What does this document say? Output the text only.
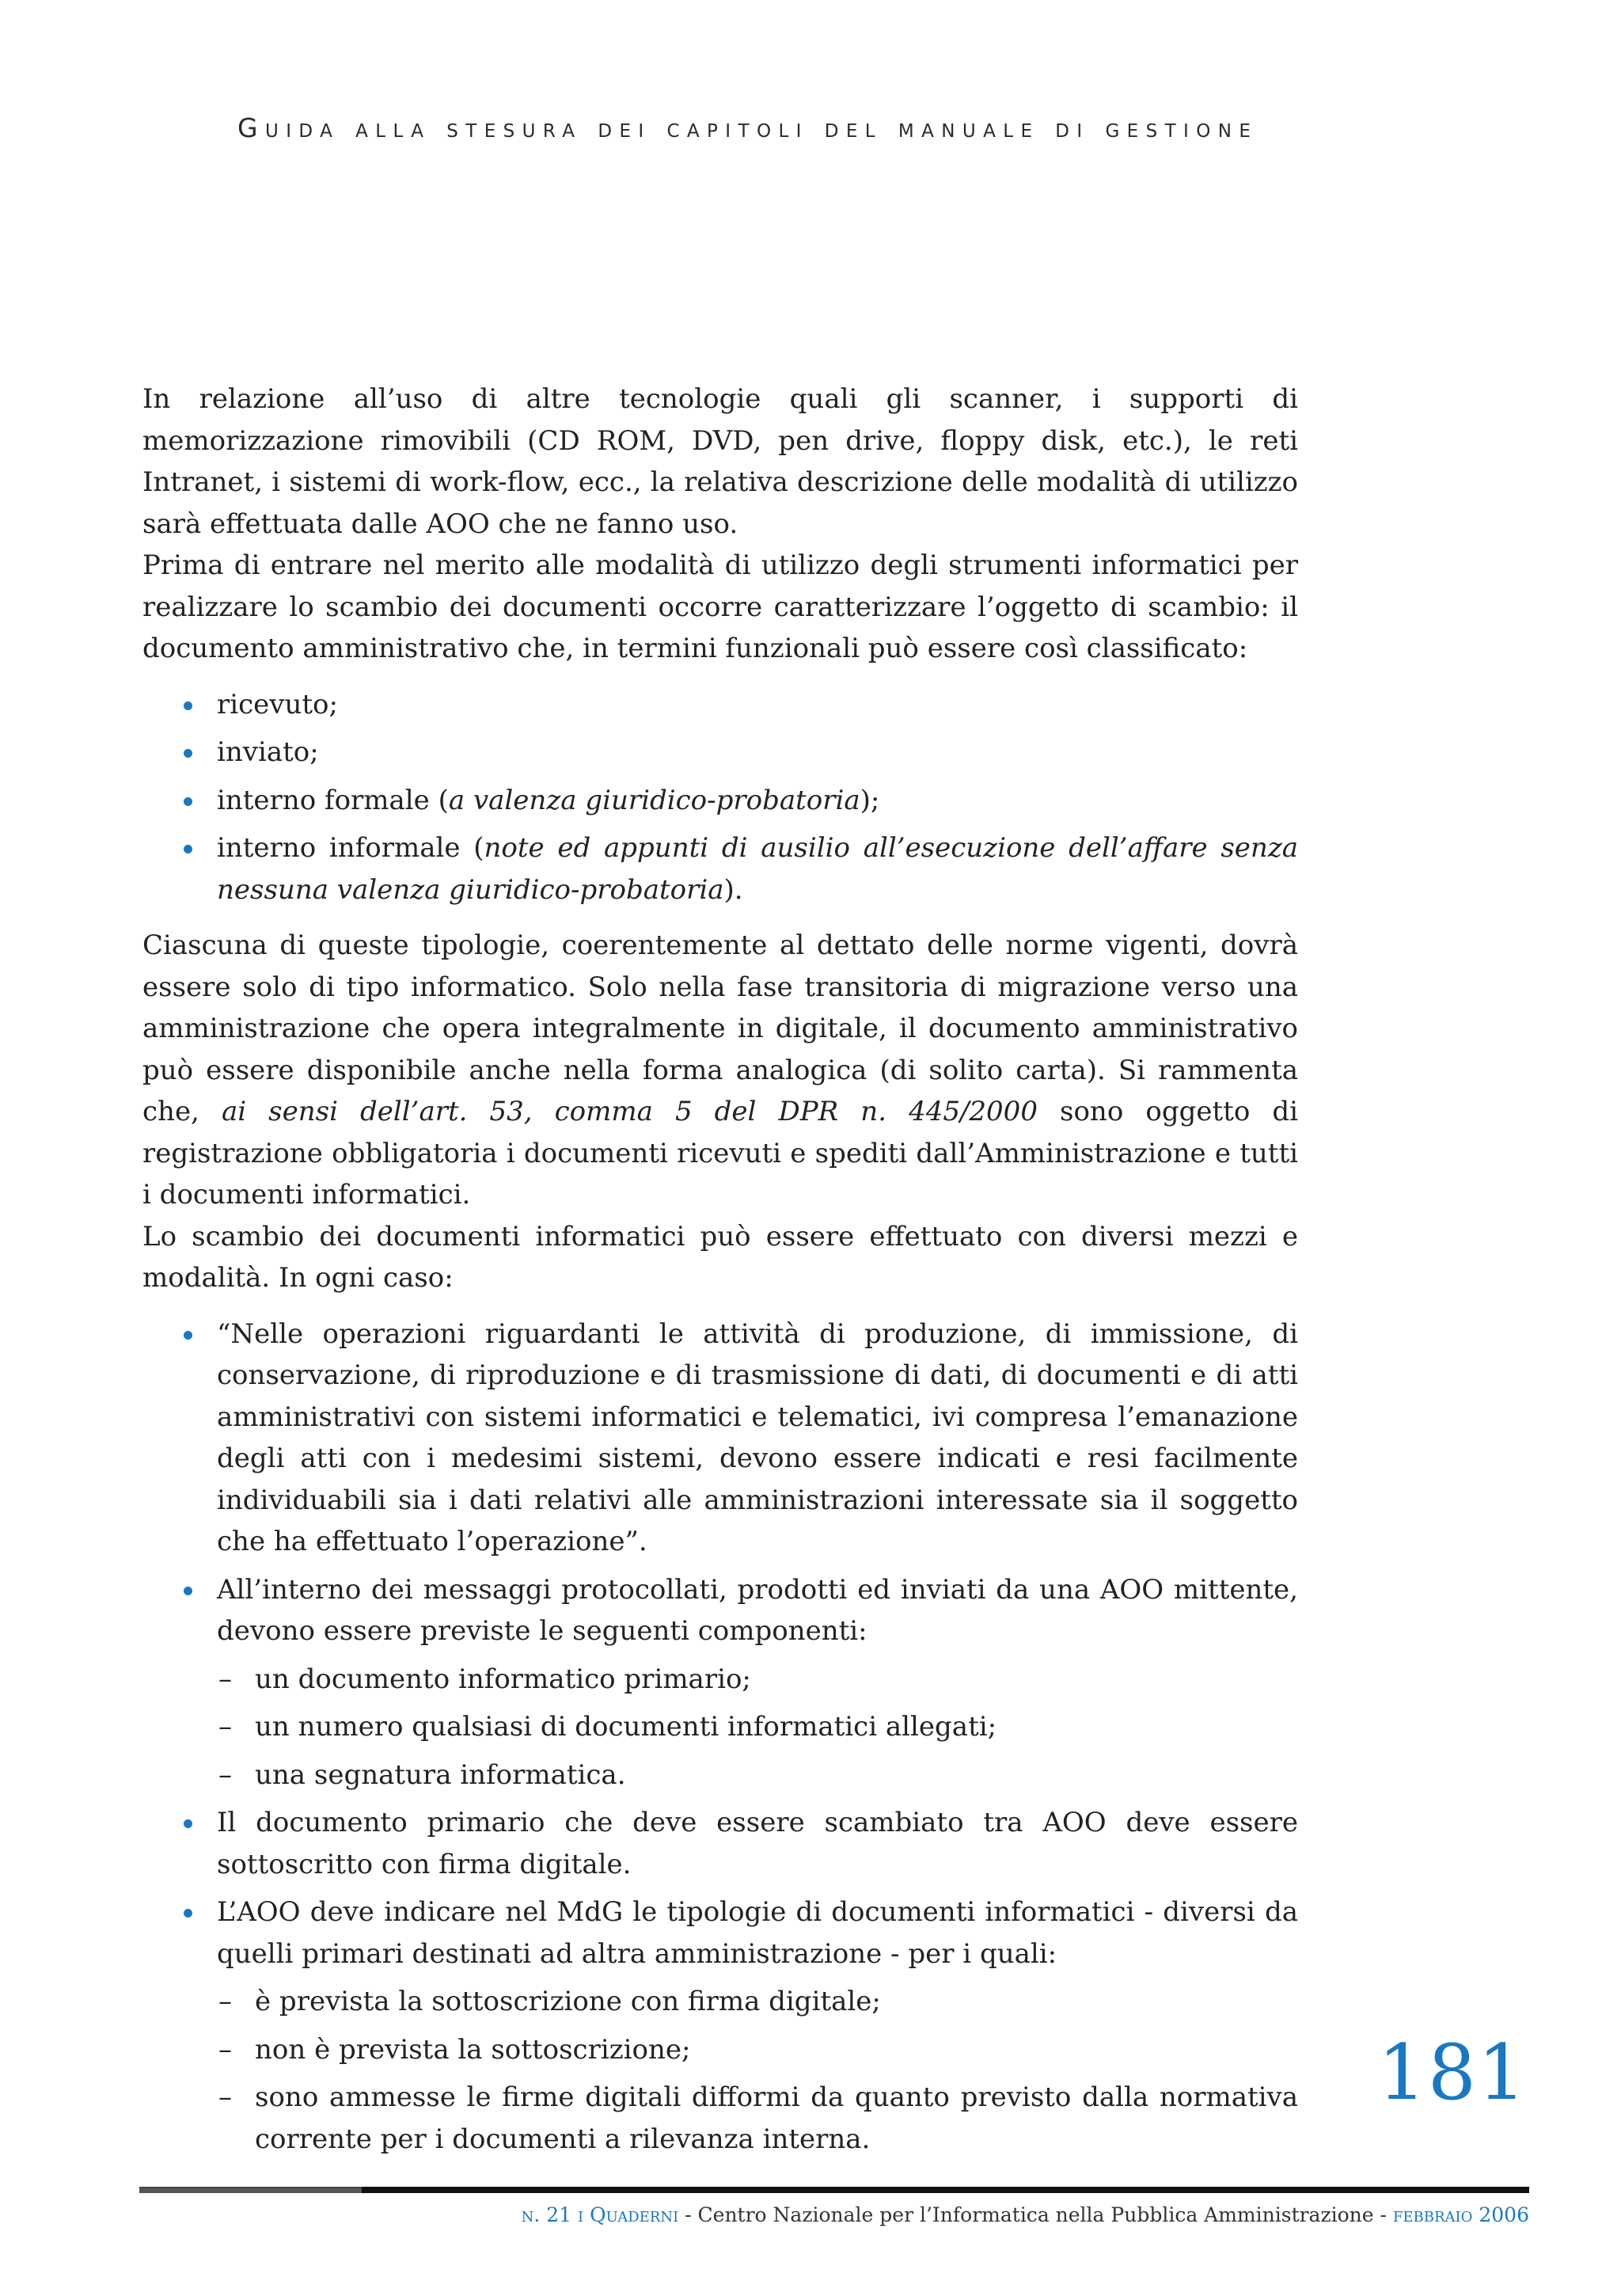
Guida alla stesura dei capitoli del manuale di gestione

In relazione all’uso di altre tecnologie quali gli scanner, i supporti di memorizzazione rimovibili (CD ROM, DVD, pen drive, floppy disk, etc.), le reti Intranet, i sistemi di work-flow, ecc., la relativa descrizione delle modalità di utilizzo sarà effettuata dalle AOO che ne fanno uso.

Prima di entrare nel merito alle modalità di utilizzo degli strumenti informatici per realizzare lo scambio dei documenti occorre caratterizzare l’oggetto di scambio: il documento amministrativo che, in termini funzionali può essere così classificato:

ricevuto;
inviato;
interno formale (a valenza giuridico-probatoria);
interno informale (note ed appunti di ausilio all’esecuzione dell’affare senza nessuna valenza giuridico-probatoria).

Ciascuna di queste tipologie, coerentemente al dettato delle norme vigenti, dovrà essere solo di tipo informatico. Solo nella fase transitoria di migrazione verso una amministrazione che opera integralmente in digitale, il documento amministrativo può essere disponibile anche nella forma analogica (di solito carta). Si rammenta che, ai sensi dell’art. 53, comma 5 del DPR n. 445/2000 sono oggetto di registrazione obbligatoria i documenti ricevuti e spediti dall’Amministrazione e tutti i documenti informatici.

Lo scambio dei documenti informatici può essere effettuato con diversi mezzi e modalità. In ogni caso:

“Nelle operazioni riguardanti le attività di produzione, di immissione, di conservazione, di riproduzione e di trasmissione di dati, di documenti e di atti amministrativi con sistemi informatici e telematici, ivi compresa l’emanazione degli atti con i medesimi sistemi, devono essere indicati e resi facilmente individuabili sia i dati relativi alle amministrazioni interessate sia il soggetto che ha effettuato l’operazione”.
All’interno dei messaggi protocollati, prodotti ed inviati da una AOO mittente, devono essere previste le seguenti componenti:
– un documento informatico primario;
– un numero qualsiasi di documenti informatici allegati;
– una segnatura informatica.
Il documento primario che deve essere scambiato tra AOO deve essere sottoscritto con firma digitale.
L’AOO deve indicare nel MdG le tipologie di documenti informatici - diversi da quelli primari destinati ad altra amministrazione - per i quali:
– è prevista la sottoscrizione con firma digitale;
– non è prevista la sottoscrizione;
– sono ammesse le firme digitali difformi da quanto previsto dalla normativa corrente per i documenti a rilevanza interna.
181
n. 21 i Quaderni - Centro Nazionale per l’Informatica nella Pubblica Amministrazione - febbraio 2006
